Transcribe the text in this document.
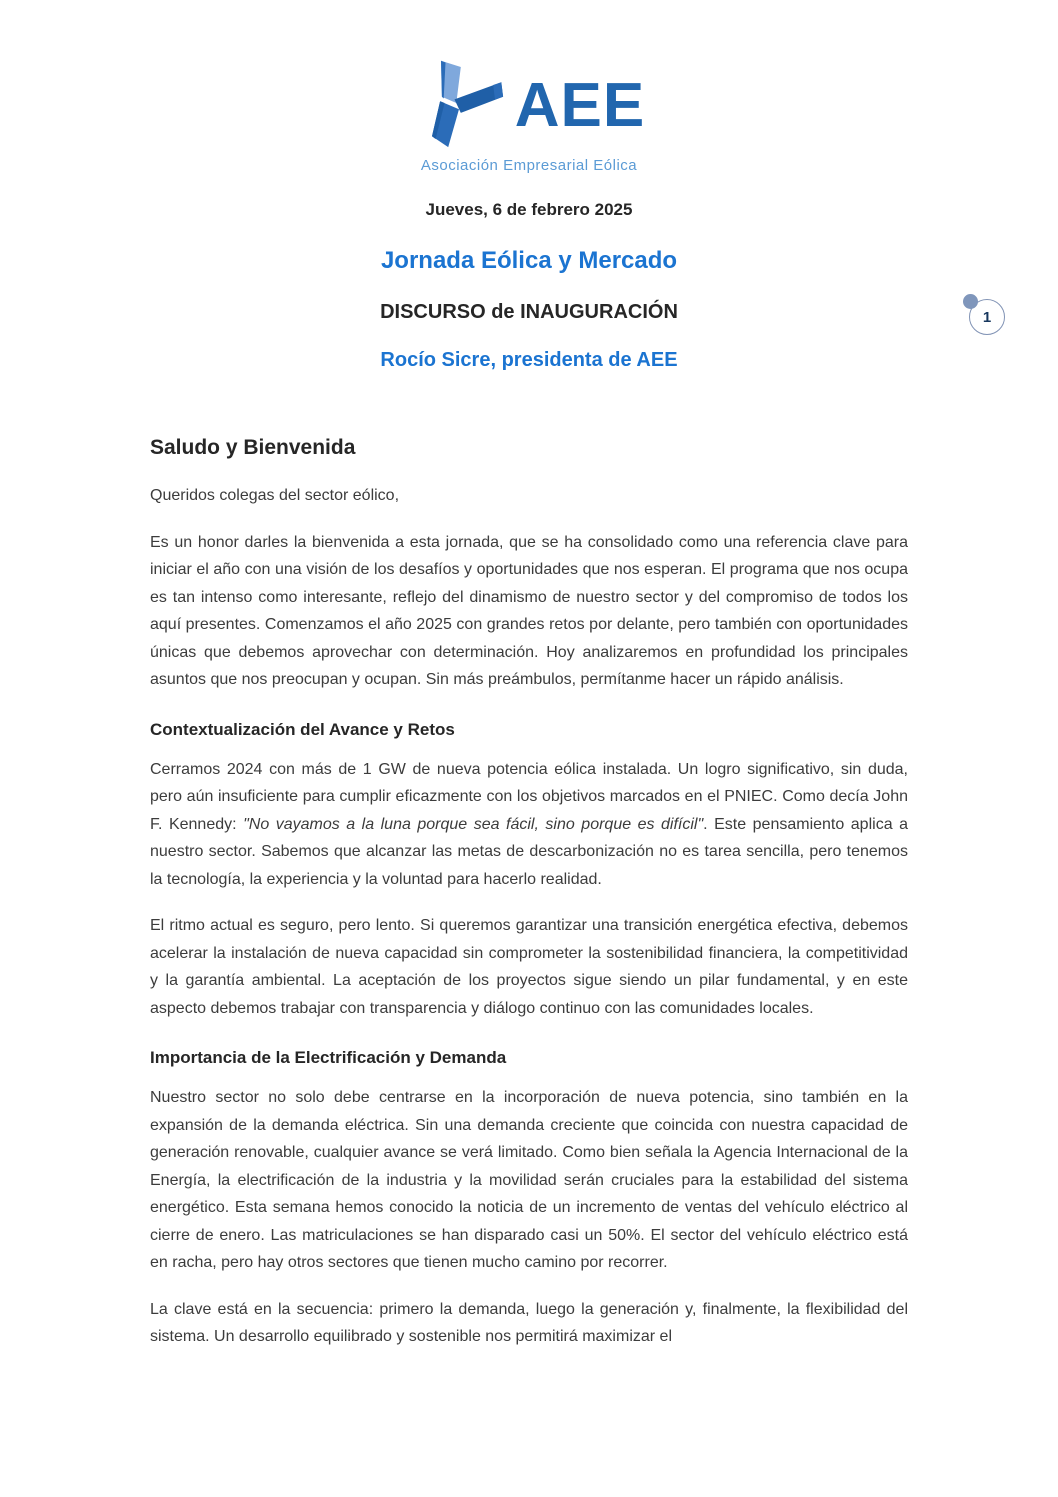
AEE
Asociación Empresarial Eólica
Jueves, 6 de febrero 2025
Jornada Eólica y Mercado
DISCURSO de INAUGURACIÓN
Rocío Sicre, presidenta de AEE
1
Saludo y Bienvenida
Queridos colegas del sector eólico,
Es un honor darles la bienvenida a esta jornada, que se ha consolidado como una referencia clave para iniciar el año con una visión de los desafíos y oportunidades que nos esperan. El programa que nos ocupa es tan intenso como interesante, reflejo del dinamismo de nuestro sector y del compromiso de todos los aquí presentes. Comenzamos el año 2025 con grandes retos por delante, pero también con oportunidades únicas que debemos aprovechar con determinación. Hoy analizaremos en profundidad los principales asuntos que nos preocupan y ocupan. Sin más preámbulos, permítanme hacer un rápido análisis.
Contextualización del Avance y Retos
Cerramos 2024 con más de 1 GW de nueva potencia eólica instalada. Un logro significativo, sin duda, pero aún insuficiente para cumplir eficazmente con los objetivos marcados en el PNIEC. Como decía John F. Kennedy: "No vayamos a la luna porque sea fácil, sino porque es difícil". Este pensamiento aplica a nuestro sector. Sabemos que alcanzar las metas de descarbonización no es tarea sencilla, pero tenemos la tecnología, la experiencia y la voluntad para hacerlo realidad.
El ritmo actual es seguro, pero lento. Si queremos garantizar una transición energética efectiva, debemos acelerar la instalación de nueva capacidad sin comprometer la sostenibilidad financiera, la competitividad y la garantía ambiental. La aceptación de los proyectos sigue siendo un pilar fundamental, y en este aspecto debemos trabajar con transparencia y diálogo continuo con las comunidades locales.
Importancia de la Electrificación y Demanda
Nuestro sector no solo debe centrarse en la incorporación de nueva potencia, sino también en la expansión de la demanda eléctrica. Sin una demanda creciente que coincida con nuestra capacidad de generación renovable, cualquier avance se verá limitado. Como bien señala la Agencia Internacional de la Energía, la electrificación de la industria y la movilidad serán cruciales para la estabilidad del sistema energético. Esta semana hemos conocido la noticia de un incremento de ventas del vehículo eléctrico al cierre de enero. Las matriculaciones se han disparado casi un 50%. El sector del vehículo eléctrico está en racha, pero hay otros sectores que tienen mucho camino por recorrer.
La clave está en la secuencia: primero la demanda, luego la generación y, finalmente, la flexibilidad del sistema. Un desarrollo equilibrado y sostenible nos permitirá maximizar el
